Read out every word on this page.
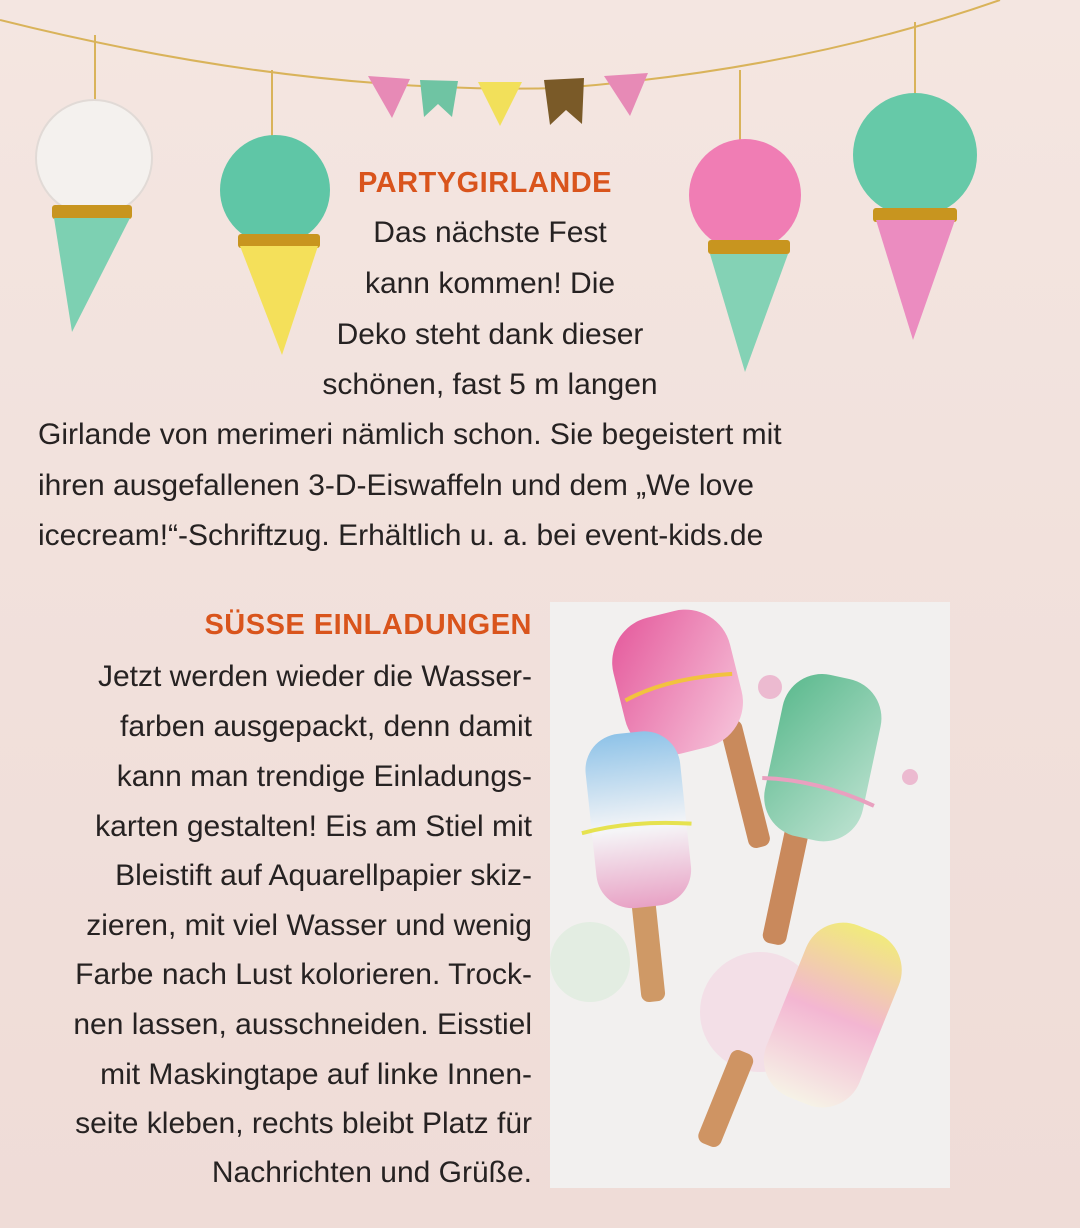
PARTYGIRLANDE
Das nächste Fest
kann kommen! Die
Deko steht dank dieser
schönen, fast 5 m langen
Girlande von merimeri nämlich schon. Sie begeistert mit
ihren ausgefallenen 3-D-Eiswaffeln und dem „We love
icecream!“-Schriftzug. Erhältlich u. a. bei event-kids.de
SÜSSE EINLADUNGEN
Jetzt werden wieder die Wasser-
farben ausgepackt, denn damit
kann man trendige Einladungs-
karten gestalten! Eis am Stiel mit
Bleistift auf Aquarellpapier skiz-
zieren, mit viel Wasser und wenig
Farbe nach Lust kolorieren. Trock-
nen lassen, ausschneiden. Eisstiel
mit Maskingtape auf linke Innen-
seite kleben, rechts bleibt Platz für
Nachrichten und Grüße.
